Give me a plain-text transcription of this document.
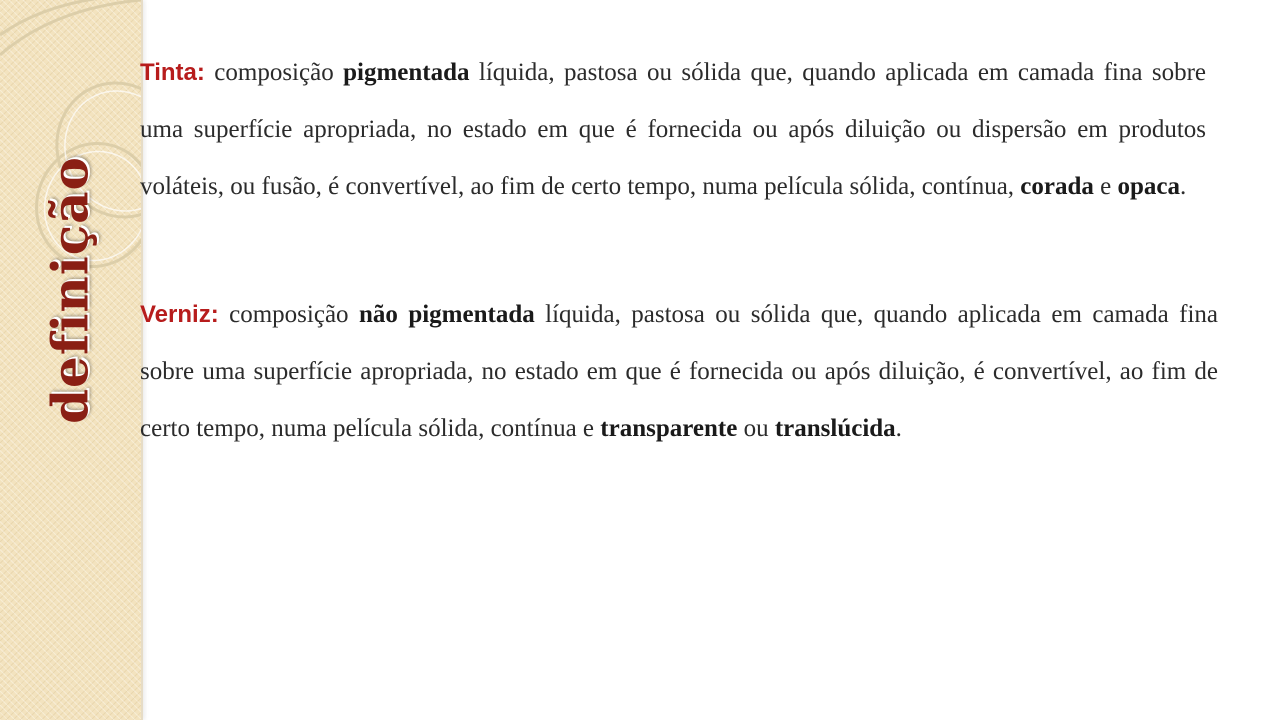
definição

Tinta: composição pigmentada líquida, pastosa ou sólida que, quando aplicada em camada fina sobre uma superfície apropriada, no estado em que é fornecida ou após diluição ou dispersão em produtos voláteis, ou fusão, é convertível, ao fim de certo tempo, numa película sólida, contínua, corada e opaca.

Verniz: composição não pigmentada líquida, pastosa ou sólida que, quando aplicada em camada fina sobre uma superfície apropriada, no estado em que é fornecida ou após diluição, é convertível, ao fim de certo tempo, numa película sólida, contínua e transparente ou translúcida.
